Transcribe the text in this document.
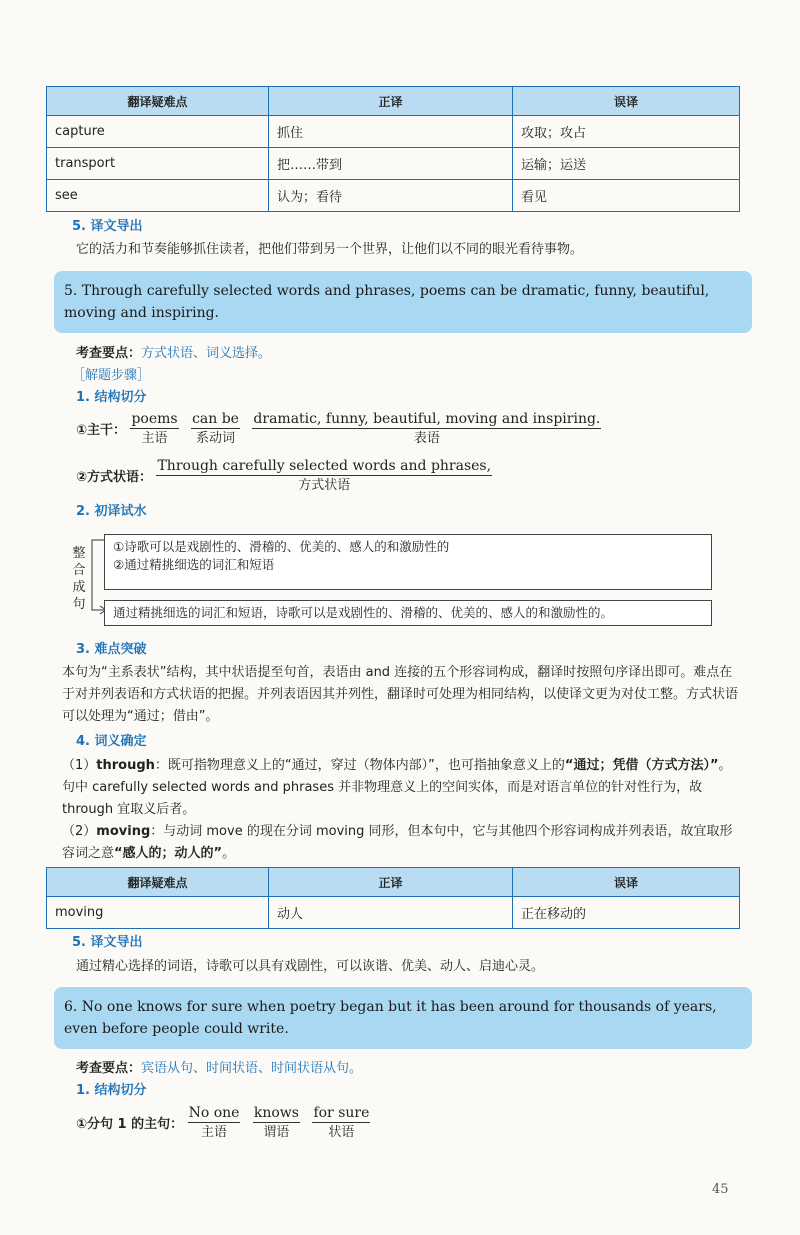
翻译疑难点	正译	误译
capture	抓住	攻取；攻占
transport	把……带到	运输；运送
see	认为；看待	看见
5. 译文导出
它的活力和节奏能够抓住读者，把他们带到另一个世界，让他们以不同的眼光看待事物。
5. Through carefully selected words and phrases, poems can be dramatic, funny, beautiful, moving and inspiring.
考查要点：方式状语、词义选择。
［解题步骤］
1. 结构切分
①主干：
poems
主语

can be
系动词

dramatic, funny, beautiful, moving and inspiring.
表语
②方式状语：
Through carefully selected words and phrases,
方式状语
2. 初译试水
整合成句
①诗歌可以是戏剧性的、滑稽的、优美的、感人的和激励性的
②通过精挑细选的词汇和短语
通过精挑细选的词汇和短语，诗歌可以是戏剧性的、滑稽的、优美的、感人的和激励性的。
3. 难点突破
本句为“主系表状”结构，其中状语提至句首，表语由 and 连接的五个形容词构成，翻译时按照句序译出即可。难点在于对并列表语和方式状语的把握。并列表语因其并列性，翻译时可处理为相同结构，以使译文更为对仗工整。方式状语可以处理为“通过；借由”。
4. 词义确定
（1）through：既可指物理意义上的“通过，穿过（物体内部）”，也可指抽象意义上的“通过；凭借（方式方法）”。句中 carefully selected words and phrases 并非物理意义上的空间实体，而是对语言单位的针对性行为，故 through 宜取义后者。
（2）moving：与动词 move 的现在分词 moving 同形，但本句中，它与其他四个形容词构成并列表语，故宜取形容词之意“感人的；动人的”。
翻译疑难点	正译	误译
moving	动人	正在移动的
5. 译文导出
通过精心选择的词语，诗歌可以具有戏剧性，可以诙谐、优美、动人、启迪心灵。
6. No one knows for sure when poetry began but it has been around for thousands of years, even before people could write.
考查要点：宾语从句、时间状语、时间状语从句。
1. 结构切分
①分句 1 的主句：
No one
主语

knows
谓语

for sure
状语
45
